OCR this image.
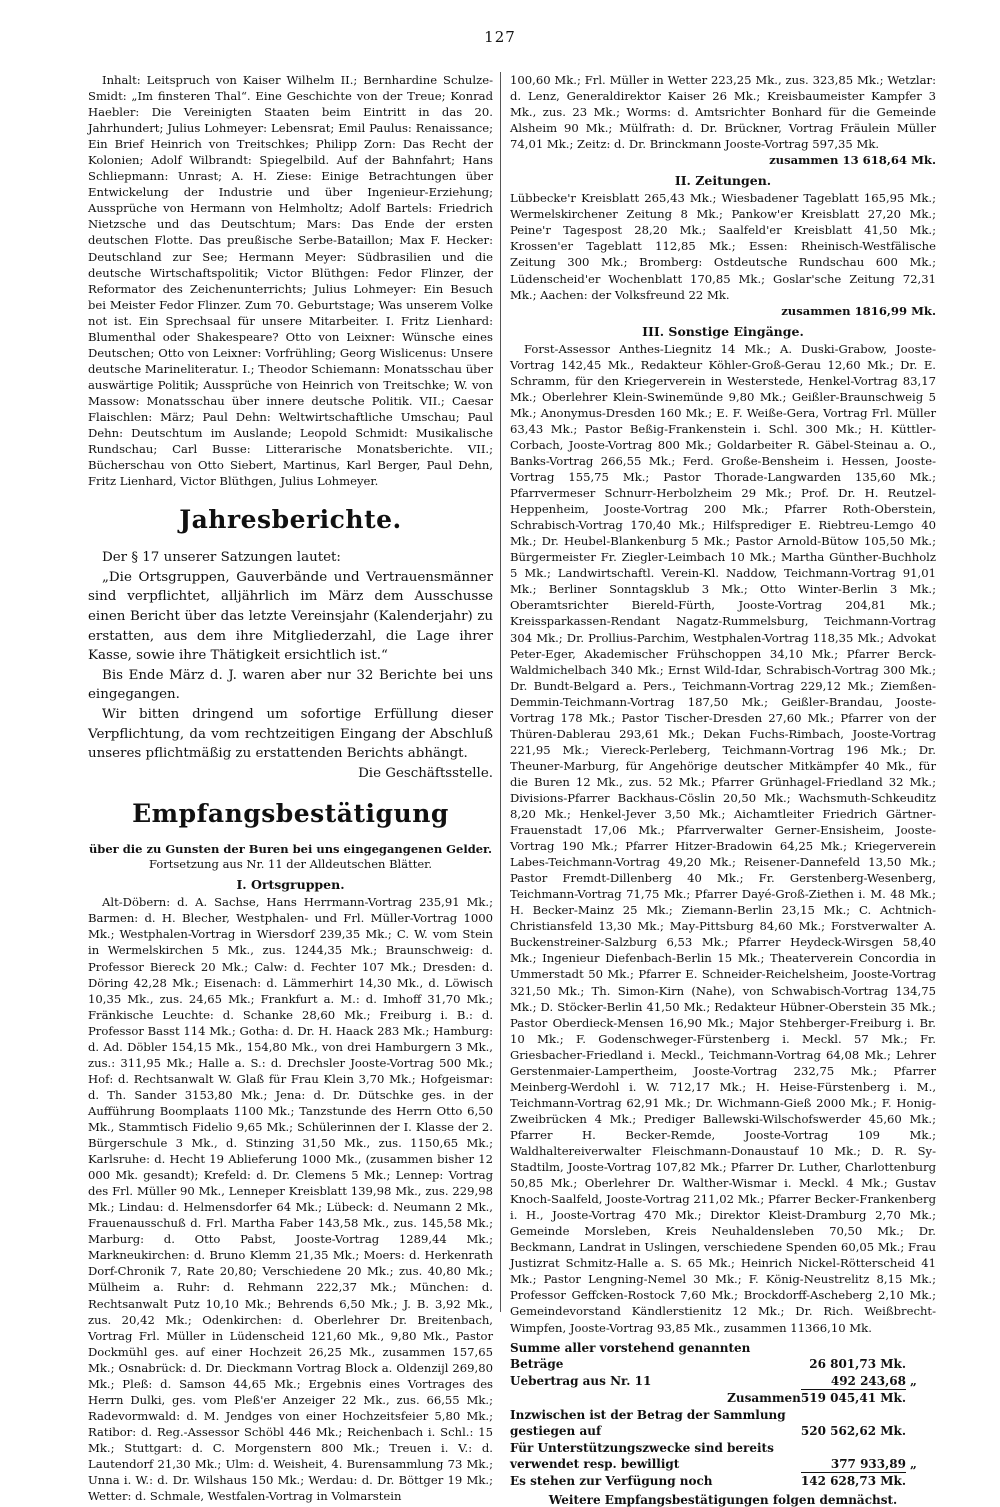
127

Inhalt: Leitspruch von Kaiser Wilhelm II.; Bernhardine Schulze-Smidt: „Im finsteren Thal“. Eine Geschichte von der Treue; Konrad Haebler: Die Vereinigten Staaten beim Eintritt in das 20. Jahrhundert; Julius Lohmeyer: Lebensrat; Emil Paulus: Renaissance; Ein Brief Heinrich von Treitschkes; Philipp Zorn: Das Recht der Kolonien; Adolf Wilbrandt: Spiegelbild. Auf der Bahnfahrt; Hans Schliepmann: Unrast; A. H. Ziese: Einige Betrachtungen über Entwickelung der Industrie und über Ingenieur-Erziehung; Aussprüche von Hermann von Helmholtz; Adolf Bartels: Friedrich Nietzsche und das Deutschtum; Mars: Das Ende der ersten deutschen Flotte. Das preußische Serbe-Bataillon; Max F. Hecker: Deutschland zur See; Hermann Meyer: Südbrasilien und die deutsche Wirtschaftspolitik; Victor Blüthgen: Fedor Flinzer, der Reformator des Zeichenunterrichts; Julius Lohmeyer: Ein Besuch bei Meister Fedor Flinzer. Zum 70. Geburtstage; Was unserem Volke not ist. Ein Sprechsaal für unsere Mitarbeiter. I. Fritz Lienhard: Blumenthal oder Shakespeare? Otto von Leixner: Wünsche eines Deutschen; Otto von Leixner: Vorfrühling; Georg Wislicenus: Unsere deutsche Marineliteratur. I.; Theodor Schiemann: Monatsschau über auswärtige Politik; Aussprüche von Heinrich von Treitschke; W. von Massow: Monatsschau über innere deutsche Politik. VII.; Caesar Flaischlen: März; Paul Dehn: Weltwirtschaftliche Umschau; Paul Dehn: Deutschtum im Auslande; Leopold Schmidt: Musikalische Rundschau; Carl Busse: Litterarische Monatsberichte. VII.; Bücherschau von Otto Siebert, Martinus, Karl Berger, Paul Dehn, Fritz Lienhard, Victor Blüthgen, Julius Lohmeyer.

Jahresberichte.

Der § 17 unserer Satzungen lautet:

„Die Ortsgruppen, Gauverbände und Vertrauensmänner sind verpflichtet, alljährlich im März dem Ausschusse einen Bericht über das letzte Vereinsjahr (Kalenderjahr) zu erstatten, aus dem ihre Mitgliederzahl, die Lage ihrer Kasse, sowie ihre Thätigkeit ersichtlich ist.“

Bis Ende März d. J. waren aber nur 32 Berichte bei uns eingegangen.

Wir bitten dringend um sofortige Erfüllung dieser Verpflichtung, da vom rechtzeitigen Eingang der Abschluß unseres pflichtmäßig zu erstattenden Berichts abhängt.

Die Geschäftsstelle.

Empfangsbestätigung
über die zu Gunsten der Buren bei uns eingegangenen Gelder.
Fortsetzung aus Nr. 11 der Alldeutschen Blätter.
I. Ortsgruppen.

Alt-Döbern: d. A. Sachse, Hans Herrmann-Vortrag 235,91 Mk.; Barmen: d. H. Blecher, Westphalen- und Frl. Müller-Vortrag 1000 Mk.; Westphalen-Vortrag in Wiersdorf 239,35 Mk.; C. W. vom Stein in Wermelskirchen 5 Mk., zus. 1244,35 Mk.; Braunschweig: d. Professor Biereck 20 Mk.; Calw: d. Fechter 107 Mk.; Dresden: d. Döring 42,28 Mk.; Eisenach: d. Lämmerhirt 14,30 Mk., d. Löwisch 10,35 Mk., zus. 24,65 Mk.; Frankfurt a. M.: d. Imhoff 31,70 Mk.; Fränkische Leuchte: d. Schanke 28,60 Mk.; Freiburg i. B.: d. Professor Basst 114 Mk.; Gotha: d. Dr. H. Haack 283 Mk.; Hamburg: d. Ad. Döbler 154,15 Mk., 154,80 Mk., von drei Hamburgern 3 Mk., zus.: 311,95 Mk.; Halle a. S.: d. Drechsler Jooste-Vortrag 500 Mk.; Hof: d. Rechtsanwalt W. Glaß für Frau Klein 3,70 Mk.; Hofgeismar: d. Th. Sander 3153,80 Mk.; Jena: d. Dr. Dütschke ges. in der Aufführung Boomplaats 1100 Mk.; Tanzstunde des Herrn Otto 6,50 Mk., Stammtisch Fidelio 9,65 Mk.; Schülerinnen der I. Klasse der 2. Bürgerschule 3 Mk., d. Stinzing 31,50 Mk., zus. 1150,65 Mk.; Karlsruhe: d. Hecht 19 Ablieferung 1000 Mk., (zusammen bisher 12 000 Mk. gesandt); Krefeld: d. Dr. Clemens 5 Mk.; Lennep: Vortrag des Frl. Müller 90 Mk., Lenneper Kreisblatt 139,98 Mk., zus. 229,98 Mk.; Lindau: d. Helmensdorfer 64 Mk.; Lübeck: d. Neumann 2 Mk., Frauenausschuß d. Frl. Martha Faber 143,58 Mk., zus. 145,58 Mk.; Marburg: d. Otto Pabst, Jooste-Vortrag 1289,44 Mk.; Markneukirchen: d. Bruno Klemm 21,35 Mk.; Moers: d. Herkenrath Dorf-Chronik 7, Rate 20,80; Verschiedene 20 Mk.; zus. 40,80 Mk.; Mülheim a. Ruhr: d. Rehmann 222,37 Mk.; München: d. Rechtsanwalt Putz 10,10 Mk.; Behrends 6,50 Mk.; J. B. 3,92 Mk., zus. 20,42 Mk.; Odenkirchen: d. Oberlehrer Dr. Breitenbach, Vortrag Frl. Müller in Lüdenscheid 121,60 Mk., 9,80 Mk., Pastor Dockmühl ges. auf einer Hochzeit 26,25 Mk., zusammen 157,65 Mk.; Osnabrück: d. Dr. Dieckmann Vortrag Block a. Oldenzijl 269,80 Mk.; Pleß: d. Samson 44,65 Mk.; Ergebnis eines Vortrages des Herrn Dulki, ges. vom Pleß'er Anzeiger 22 Mk., zus. 66,55 Mk.; Radevormwald: d. M. Jendges von einer Hochzeitsfeier 5,80 Mk.; Ratibor: d. Reg.-Assessor Schöbl 446 Mk.; Reichenbach i. Schl.: 15 Mk.; Stuttgart: d. C. Morgenstern 800 Mk.; Treuen i. V.: d. Lautendorf 21,30 Mk.; Ulm: d. Weisheit, 4. Burensammlung 73 Mk.; Unna i. W.: d. Dr. Wilshaus 150 Mk.; Werdau: d. Dr. Böttger 19 Mk.; Wetter: d. Schmale, Westfalen-Vortrag in Volmarstein

100,60 Mk.; Frl. Müller in Wetter 223,25 Mk., zus. 323,85 Mk.; Wetzlar: d. Lenz, Generaldirektor Kaiser 26 Mk.; Kreisbaumeister Kampfer 3 Mk., zus. 23 Mk.; Worms: d. Amtsrichter Bonhard für die Gemeinde Alsheim 90 Mk.; Mülfrath: d. Dr. Brückner, Vortrag Fräulein Müller 74,01 Mk.; Zeitz: d. Dr. Brinckmann Jooste-Vortrag 597,35 Mk.

zusammen 13 618,64 Mk.

II. Zeitungen.

Lübbecke'r Kreisblatt 265,43 Mk.; Wiesbadener Tageblatt 165,95 Mk.; Wermelskirchener Zeitung 8 Mk.; Pankow'er Kreisblatt 27,20 Mk.; Peine'r Tagespost 28,20 Mk.; Saalfeld'er Kreisblatt 41,50 Mk.; Krossen'er Tageblatt 112,85 Mk.; Essen: Rheinisch-Westfälische Zeitung 300 Mk.; Bromberg: Ostdeutsche Rundschau 600 Mk.; Lüdenscheid'er Wochenblatt 170,85 Mk.; Goslar'sche Zeitung 72,31 Mk.; Aachen: der Volksfreund 22 Mk.

zusammen 1816,99 Mk.

III. Sonstige Eingänge.

Forst-Assessor Anthes-Liegnitz 14 Mk.; A. Duski-Grabow, Jooste-Vortrag 142,45 Mk., Redakteur Köhler-Groß-Gerau 12,60 Mk.; Dr. E. Schramm, für den Kriegerverein in Westerstede, Henkel-Vortrag 83,17 Mk.; Oberlehrer Klein-Swinemünde 9,80 Mk.; Geißler-Braunschweig 5 Mk.; Anonymus-Dresden 160 Mk.; E. F. Weiße-Gera, Vortrag Frl. Müller 63,43 Mk.; Pastor Beßig-Frankenstein i. Schl. 300 Mk.; H. Küttler-Corbach, Jooste-Vortrag 800 Mk.; Goldarbeiter R. Gäbel-Steinau a. O., Banks-Vortrag 266,55 Mk.; Ferd. Große-Bensheim i. Hessen, Jooste-Vortrag 155,75 Mk.; Pastor Thorade-Langwarden 135,60 Mk.; Pfarrvermeser Schnurr-Herbolzheim 29 Mk.; Prof. Dr. H. Reutzel-Heppenheim, Jooste-Vortrag 200 Mk.; Pfarrer Roth-Oberstein, Schrabisch-Vortrag 170,40 Mk.; Hilfsprediger E. Riebtreu-Lemgo 40 Mk.; Dr. Heubel-Blankenburg 5 Mk.; Pastor Arnold-Bütow 105,50 Mk.; Bürgermeister Fr. Ziegler-Leimbach 10 Mk.; Martha Günther-Buchholz 5 Mk.; Landwirtschaftl. Verein-Kl. Naddow, Teichmann-Vortrag 91,01 Mk.; Berliner Sonntagsklub 3 Mk.; Otto Winter-Berlin 3 Mk.; Oberamtsrichter Biereld-Fürth, Jooste-Vortrag 204,81 Mk.; Kreissparkassen-Rendant Nagatz-Rummelsburg, Teichmann-Vortrag 304 Mk.; Dr. Prollius-Parchim, Westphalen-Vortrag 118,35 Mk.; Advokat Peter-Eger, Akademischer Frühschoppen 34,10 Mk.; Pfarrer Berck-Waldmichelbach 340 Mk.; Ernst Wild-Idar, Schrabisch-Vortrag 300 Mk.; Dr. Bundt-Belgard a. Pers., Teichmann-Vortrag 229,12 Mk.; Ziemßen-Demmin-Teichmann-Vortrag 187,50 Mk.; Geißler-Brandau, Jooste-Vortrag 178 Mk.; Pastor Tischer-Dresden 27,60 Mk.; Pfarrer von der Thüren-Dablerau 293,61 Mk.; Dekan Fuchs-Rimbach, Jooste-Vortrag 221,95 Mk.; Viereck-Perleberg, Teichmann-Vortrag 196 Mk.; Dr. Theuner-Marburg, für Angehörige deutscher Mitkämpfer 40 Mk., für die Buren 12 Mk., zus. 52 Mk.; Pfarrer Grünhagel-Friedland 32 Mk.; Divisions-Pfarrer Backhaus-Cöslin 20,50 Mk.; Wachsmuth-Schkeuditz 8,20 Mk.; Henkel-Jever 3,50 Mk.; Aichamtleiter Friedrich Gärtner-Frauenstadt 17,06 Mk.; Pfarrverwalter Gerner-Ensisheim, Jooste-Vortrag 190 Mk.; Pfarrer Hitzer-Bradowin 64,25 Mk.; Kriegerverein Labes-Teichmann-Vortrag 49,20 Mk.; Reisener-Dannefeld 13,50 Mk.; Pastor Fremdt-Dillenberg 40 Mk.; Fr. Gerstenberg-Wesenberg, Teichmann-Vortrag 71,75 Mk.; Pfarrer Dayé-Groß-Ziethen i. M. 48 Mk.; H. Becker-Mainz 25 Mk.; Ziemann-Berlin 23,15 Mk.; C. Achtnich-Christiansfeld 13,30 Mk.; May-Pittsburg 84,60 Mk.; Forstverwalter A. Buckenstreiner-Salzburg 6,53 Mk.; Pfarrer Heydeck-Wirsgen 58,40 Mk.; Ingenieur Diefenbach-Berlin 15 Mk.; Theaterverein Concordia in Ummerstadt 50 Mk.; Pfarrer E. Schneider-Reichelsheim, Jooste-Vortrag 321,50 Mk.; Th. Simon-Kirn (Nahe), von Schwabisch-Vortrag 134,75 Mk.; D. Stöcker-Berlin 41,50 Mk.; Redakteur Hübner-Oberstein 35 Mk.; Pastor Oberdieck-Mensen 16,90 Mk.; Major Stehberger-Freiburg i. Br. 10 Mk.; F. Godenschweger-Fürstenberg i. Meckl. 57 Mk.; Fr. Griesbacher-Friedland i. Meckl., Teichmann-Vortrag 64,08 Mk.; Lehrer Gerstenmaier-Lampertheim, Jooste-Vortrag 232,75 Mk.; Pfarrer Meinberg-Werdohl i. W. 712,17 Mk.; H. Heise-Fürstenberg i. M., Teichmann-Vortrag 62,91 Mk.; Dr. Wichmann-Gieß 2000 Mk.; F. Honig-Zweibrücken 4 Mk.; Prediger Ballewski-Wilschofswerder 45,60 Mk.; Pfarrer H. Becker-Remde, Jooste-Vortrag 109 Mk.; Waldhaltereiverwalter Fleischmann-Donaustauf 10 Mk.; D. R. Sy-Stadtilm, Jooste-Vortrag 107,82 Mk.; Pfarrer Dr. Luther, Charlottenburg 50,85 Mk.; Oberlehrer Dr. Walther-Wismar i. Meckl. 4 Mk.; Gustav Knoch-Saalfeld, Jooste-Vortrag 211,02 Mk.; Pfarrer Becker-Frankenberg i. H., Jooste-Vortrag 470 Mk.; Direktor Kleist-Dramburg 2,70 Mk.; Gemeinde Morsleben, Kreis Neuhaldensleben 70,50 Mk.; Dr. Beckmann, Landrat in Uslingen, verschiedene Spenden 60,05 Mk.; Frau Justizrat Schmitz-Halle a. S. 65 Mk.; Heinrich Nickel-Rötterscheid 41 Mk.; Pastor Lengning-Nemel 30 Mk.; F. König-Neustrelitz 8,15 Mk.; Professor Geffcken-Rostock 7,60 Mk.; Brockdorff-Ascheberg 2,10 Mk.; Gemeindevorstand Kändlerstienitz 12 Mk.; Dr. Rich. Weißbrecht-Wimpfen, Jooste-Vortrag 93,85 Mk., zusammen 11366,10 Mk.

Summe aller vorstehend genannten Beträge	26 801,73 Mk.	
Uebertrag aus Nr. 11	492 243,68	„
Zusammen	519 045,41 Mk.	
Inzwischen ist der Betrag der Sammlung gestiegen auf	520 562,62 Mk.	
Für Unterstützungszwecke sind bereits verwendet resp. bewilligt	377 933,89	„
Es stehen zur Verfügung noch	142 628,73 Mk.	
Weitere Empfangsbestätigungen folgen demnächst.
